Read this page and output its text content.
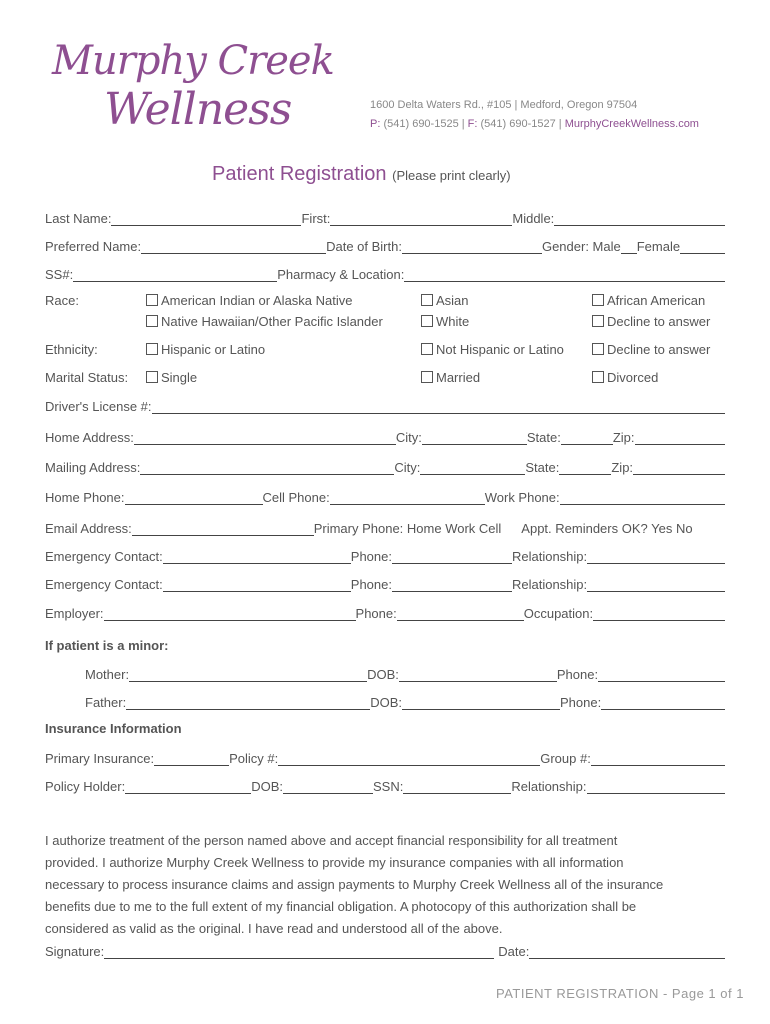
Murphy Creek
Wellness	1600 Delta Waters Rd., #105 | Medford, Oregon 97504
P: (541) 690-1525 | F: (541) 690-1527 | MurphyCreekWellness.com
Patient Registration (Please print clearly)
Last Name:	First:	Middle:
Preferred Name:	Date of Birth:	Gender: Male Female
SS#:	Pharmacy & Location:
Race:	American Indian or Alaska Native	Asian	African American
Native Hawaiian/Other Pacific Islander	White	Decline to answer
Ethnicity:	Hispanic or Latino	Not Hispanic or Latino	Decline to answer
Marital Status:	Single	Married	Divorced
Driver's License #:
Home Address:	City:	State:	Zip:
Mailing Address:	City:	State:	Zip:
Home Phone:	Cell Phone:	Work Phone:
Email Address:	Primary Phone: Home Work Cell Appt. Reminders OK? Yes No
Emergency Contact:	Phone:	Relationship:
Emergency Contact:	Phone:	Relationship:
Employer:	Phone:	Occupation:
If patient is a minor:
Mother:	DOB:	Phone:
Father:	DOB:	Phone:
Insurance Information
Primary Insurance:	Policy #:	Group #:
Policy Holder:	DOB:	SSN:	Relationship:
I authorize treatment of the person named above and accept financial responsibility for all treatment
provided. I authorize Murphy Creek Wellness to provide my insurance companies with all information
necessary to process insurance claims and assign payments to Murphy Creek Wellness all of the insurance
benefits due to me to the full extent of my financial obligation. A photocopy of this authorization shall be
considered as valid as the original. I have read and understood all of the above.
Signature:	Date:
PATIENT REGISTRATION - Page 1 of 1
